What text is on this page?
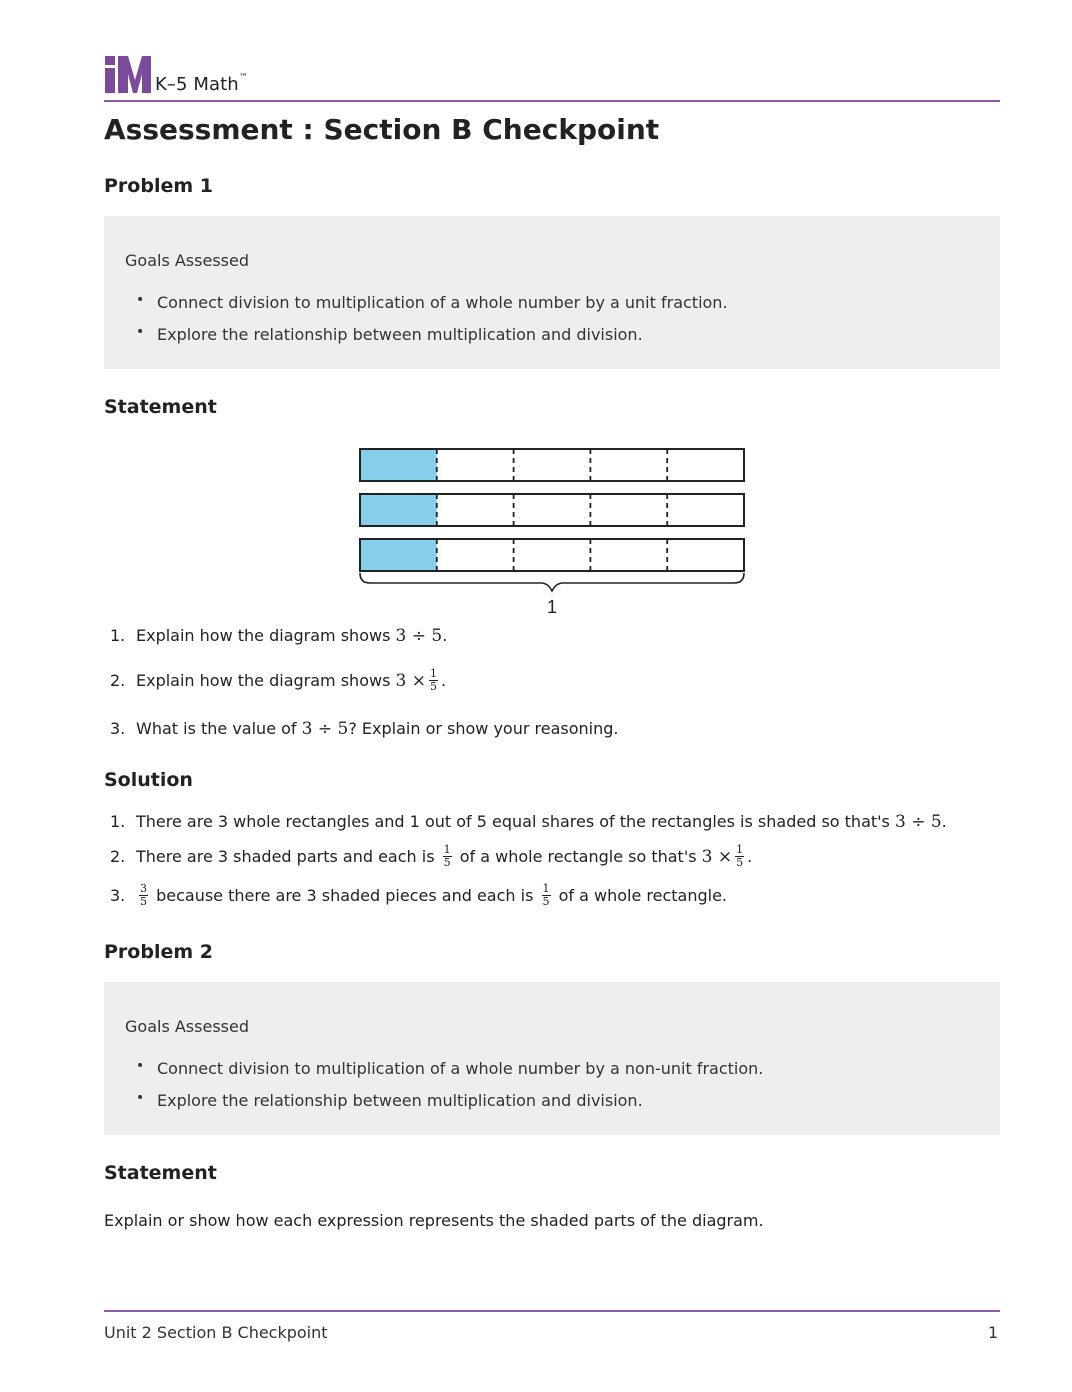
K–5 Math™
Assessment : Section B Checkpoint
Problem 1
Goals Assessed
• Connect division to multiplication of a whole number by a unit fraction.
• Explore the relationship between multiplication and division.
Statement
1
1. Explain how the diagram shows 3 ÷ 5.
2. Explain how the diagram shows $3 \times \frac{1}{5}$ .
3. What is the value of 3 ÷ 5? Explain or show your reasoning.
Solution
1. There are 3 whole rectangles and 1 out of 5 equal shares of the rectangles is shaded so that's 3 ÷ 5.
2. There are 3 shaded parts and each is $\frac{1}{5}$ of a whole rectangle so that's $3 \times \frac{1}{5}$ .
3. $\frac{3}{5}$ because there are 3 shaded pieces and each is $\frac{1}{5}$ of a whole rectangle.
Problem 2
Goals Assessed
• Connect division to multiplication of a whole number by a non-unit fraction.
• Explore the relationship between multiplication and division.
Statement
Explain or show how each expression represents the shaded parts of the diagram.
Unit 2 Section B Checkpoint	1
